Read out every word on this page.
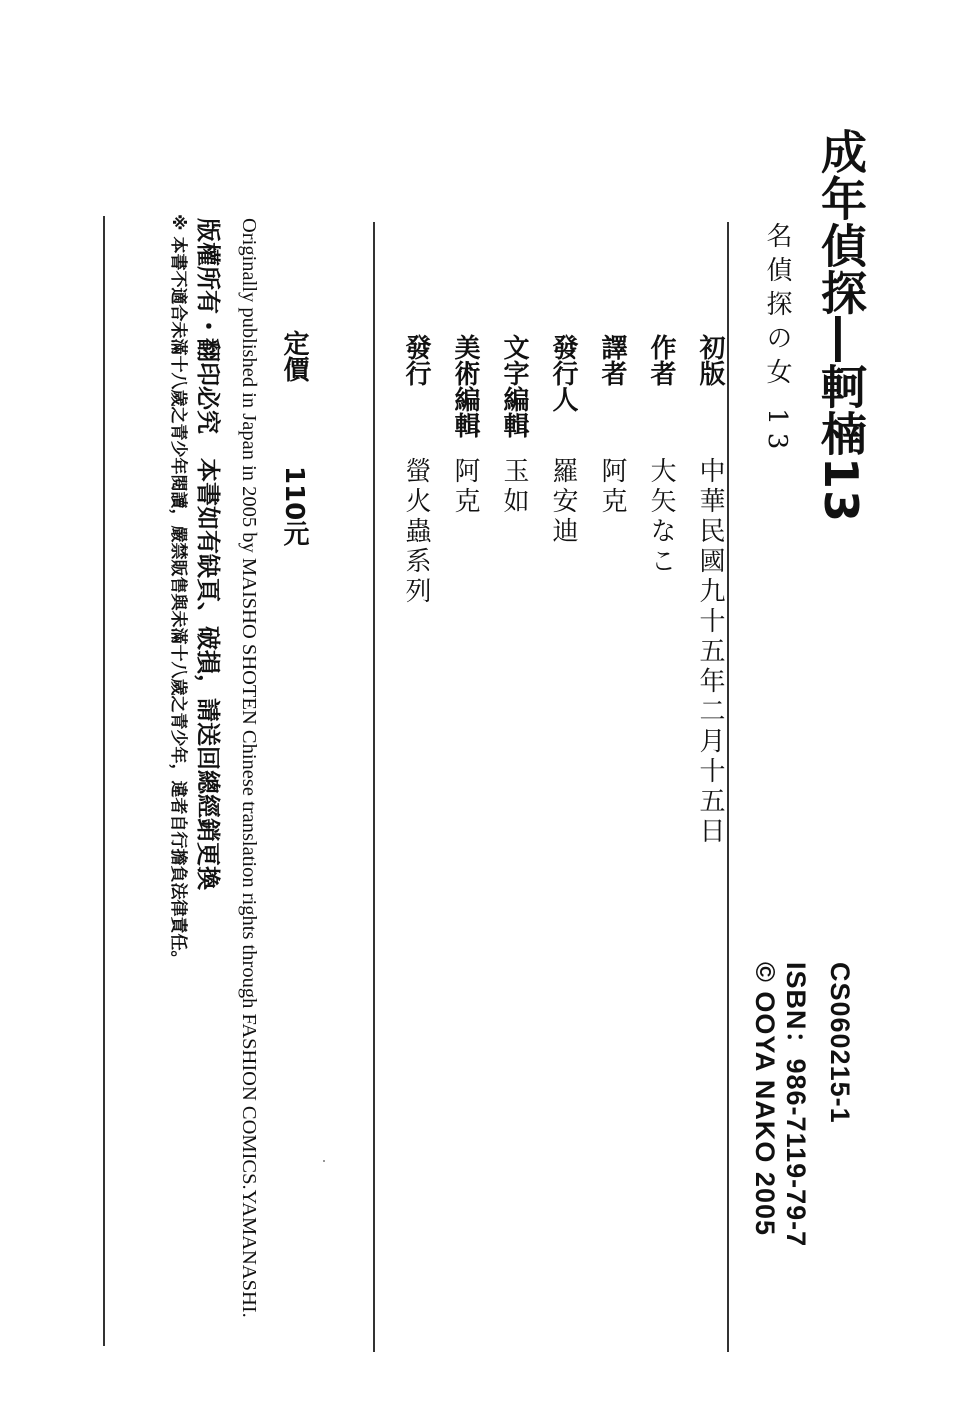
成年偵探―軻楠13
名偵探の女 13
CS060215-1
ISBN：986-7119-79-7
© OOYA NAKO 2005
初版
中華民國九十五年二月十五日
作者
大矢なこ
譯者
阿克
發行人
羅安迪
文字編輯
玉如
美術編輯
阿克
發行
螢火蟲系列
定價
110元
Originally published in Japan in 2005 by MAISHO SHOTEN Chinese translation rights through FASHION COMICS.YAMANASHI.
版權所有・翻印必究　本書如有缺頁、破損，請送回總經銷更換
※ 本書不適合未滿十八歲之青少年閱讀，嚴禁販售與未滿十八歲之青少年，違者自行擔負法律責任。
